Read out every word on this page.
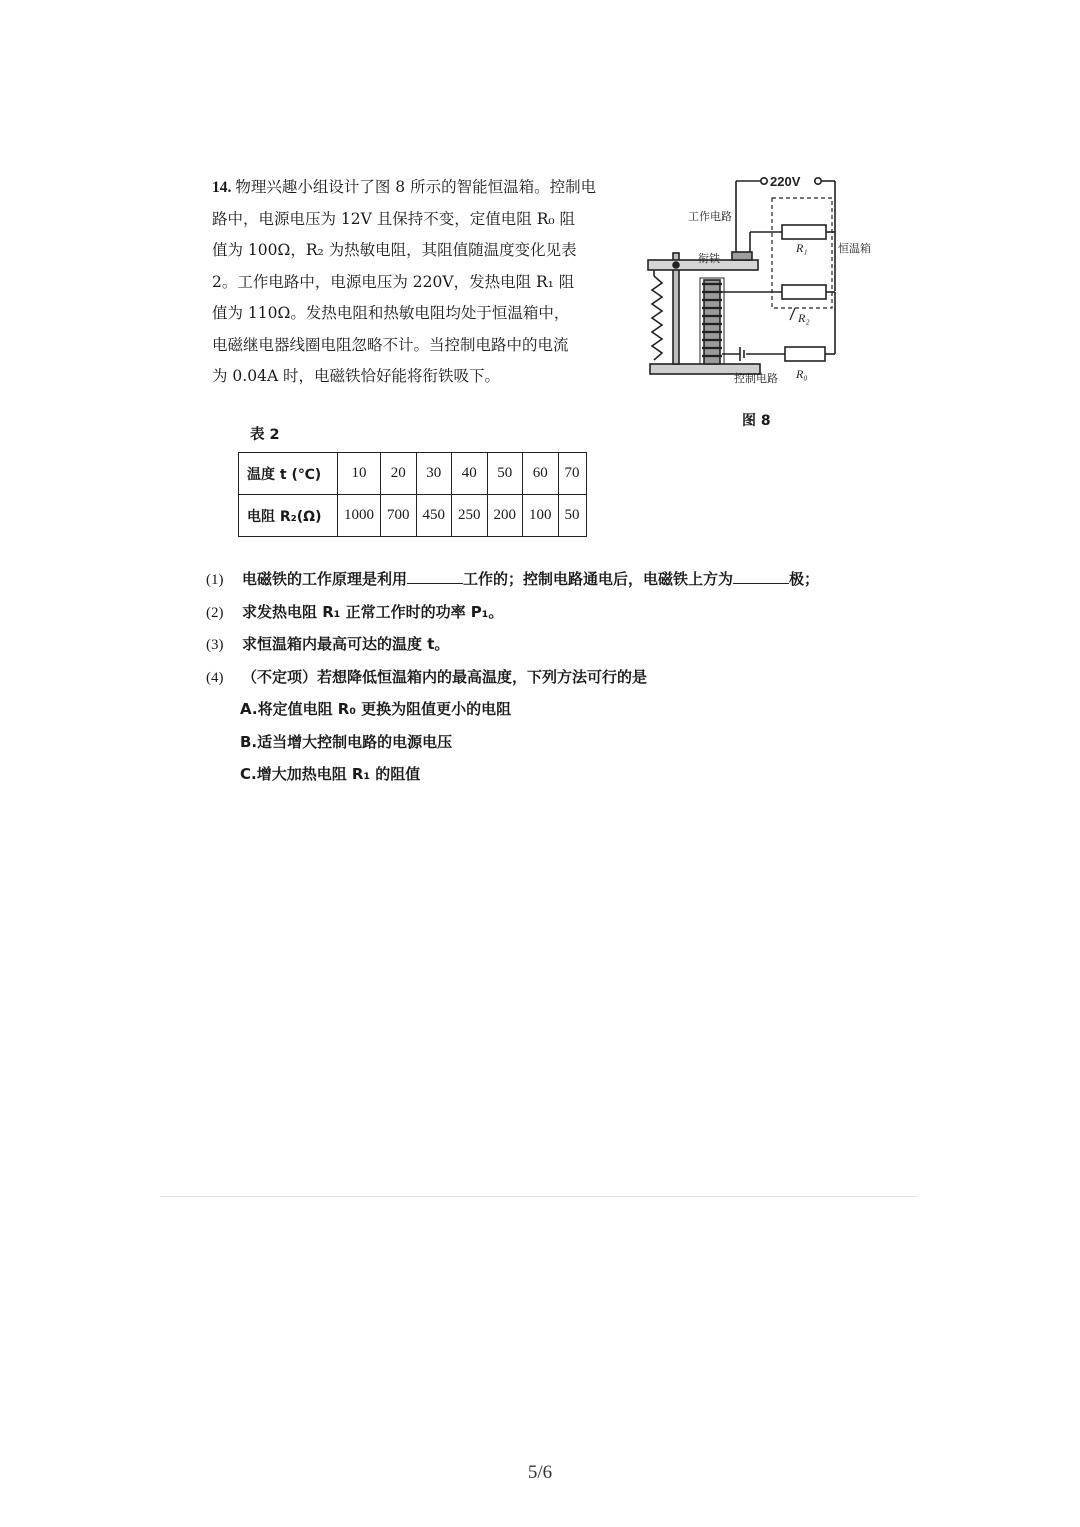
14. 物理兴趣小组设计了图 8 所示的智能恒温箱。控制电

路中，电源电压为 12V 且保持不变，定值电阻 R₀ 阻

值为 100Ω，R₂ 为热敏电阻，其阻值随温度变化见表

2。工作电路中，电源电压为 220V，发热电阻 R₁ 阻

值为 110Ω。发热电阻和热敏电阻均处于恒温箱中，

电磁继电器线圈电阻忽略不计。当控制电路中的电流

为 0.04A 时，电磁铁恰好能将衔铁吸下。

220V
工作电路
衔铁
R₁	恒温箱
R₂
控制电路 R₀
图 8
表 2
温度 t (℃)	10	20	30	40	50	60	70
电阻 R₂(Ω)	1000	700	450	250	200	100	50
(1) 电磁铁的工作原理是利用	工作的；控制电路通电后，电磁铁上方为	极；
(2) 求发热电阻 R₁ 正常工作时的功率 P₁。
(3) 求恒温箱内最高可达的温度 t。
(4) （不定项）若想降低恒温箱内的最高温度，下列方法可行的是
A.将定值电阻 R₀ 更换为阻值更小的电阻
B.适当增大控制电路的电源电压
C.增大加热电阻 R₁ 的阻值
5/6
